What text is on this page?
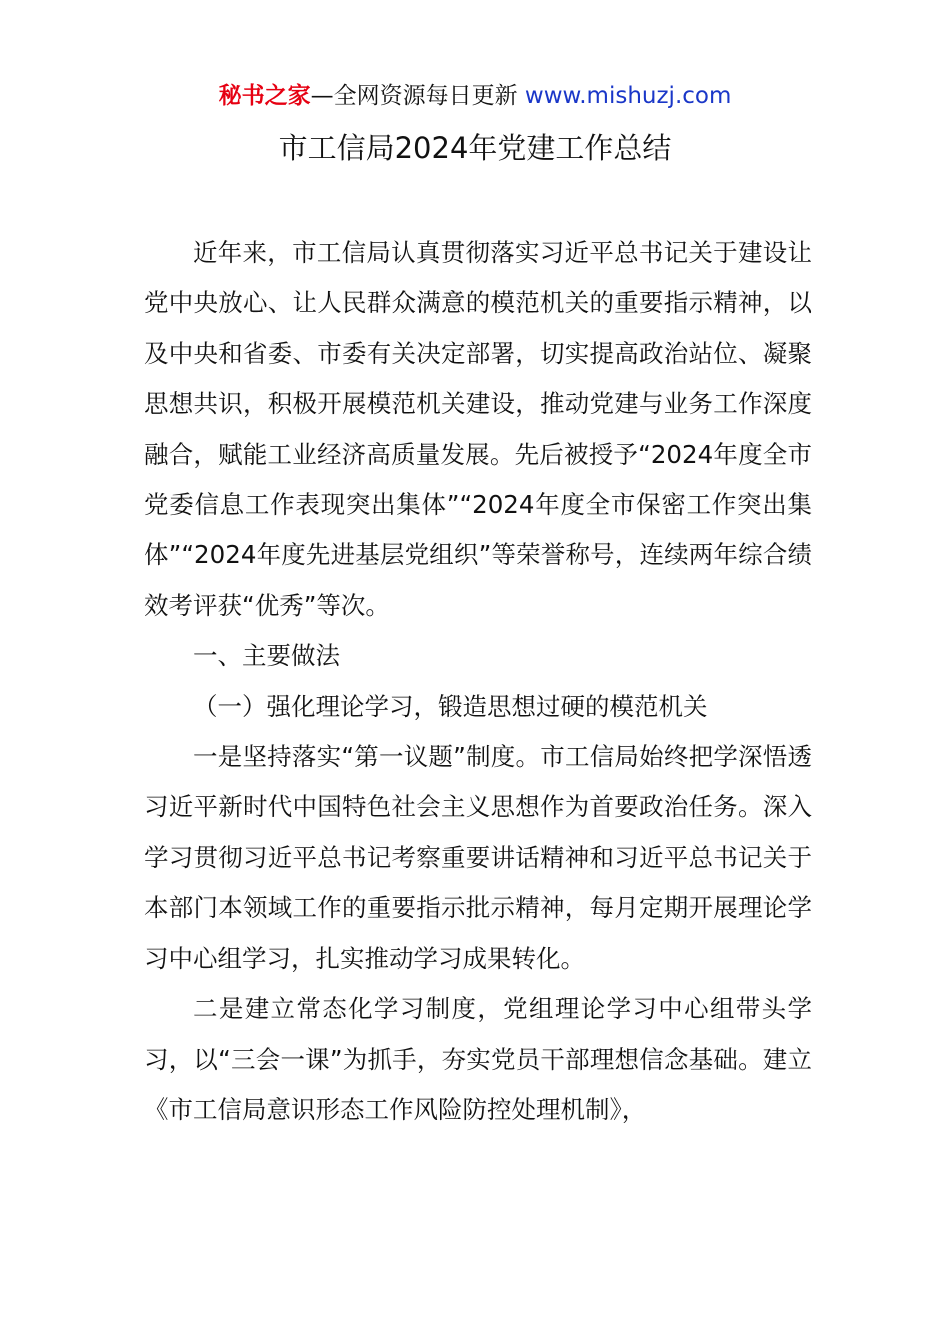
秘书之家—全网资源每日更新 www.mishuzj.com
市工信局2024年党建工作总结

近年来，市工信局认真贯彻落实习近平总书记关于建设让党中央放心、让人民群众满意的模范机关的重要指示精神，以及中央和省委、市委有关决定部署，切实提高政治站位、凝聚思想共识，积极开展模范机关建设，推动党建与业务工作深度融合，赋能工业经济高质量发展。先后被授予“2024年度全市党委信息工作表现突出集体”“2024年度全市保密工作突出集体”“2024年度先进基层党组织”等荣誉称号，连续两年综合绩效考评获“优秀”等次。

一、主要做法

（一）强化理论学习，锻造思想过硬的模范机关

一是坚持落实“第一议题”制度。市工信局始终把学深悟透习近平新时代中国特色社会主义思想作为首要政治任务。深入学习贯彻习近平总书记考察重要讲话精神和习近平总书记关于本部门本领域工作的重要指示批示精神，每月定期开展理论学习中心组学习，扎实推动学习成果转化。

二是建立常态化学习制度，党组理论学习中心组带头学习，以“三会一课”为抓手，夯实党员干部理想信念基础。建立《市工信局意识形态工作风险防控处理机制》，
